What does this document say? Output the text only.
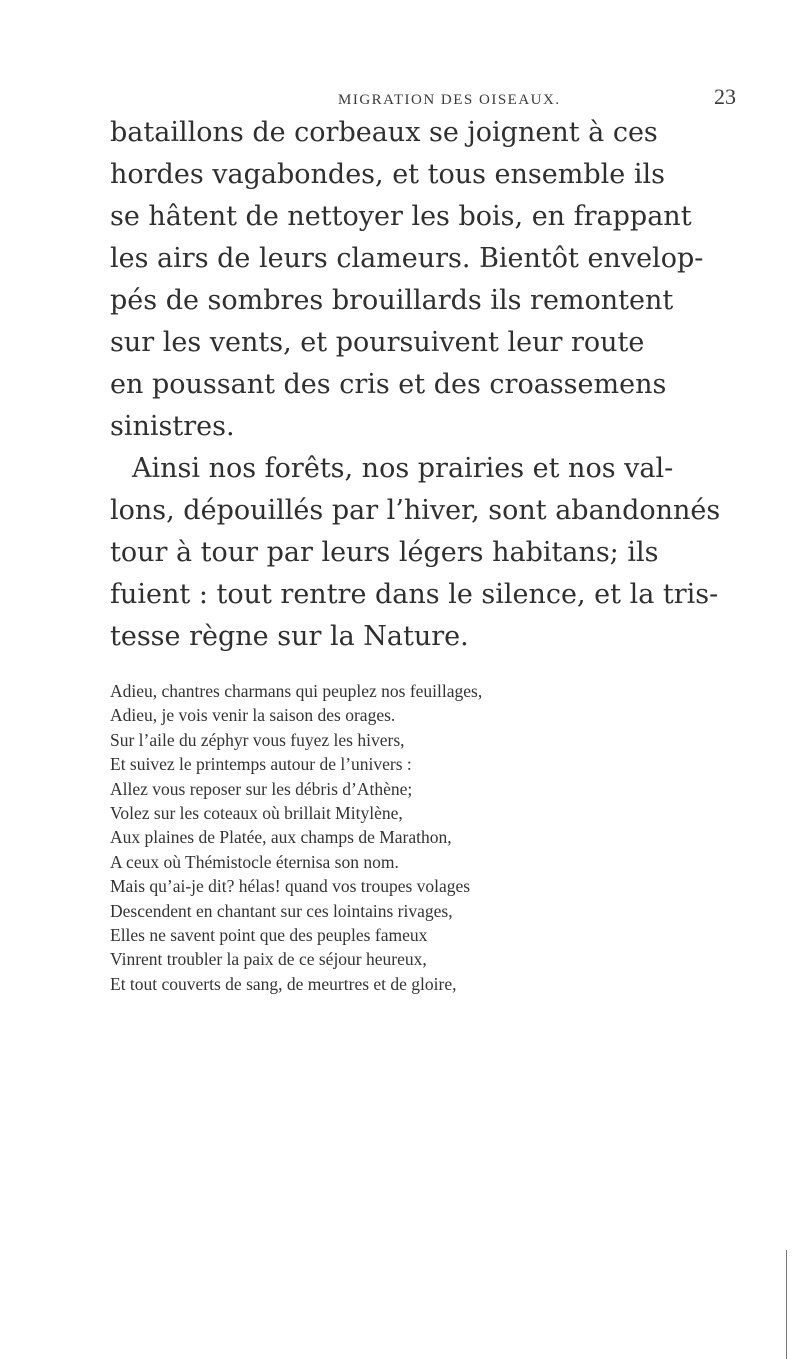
MIGRATION DES OISEAUX.	23
bataillons de corbeaux se joignent à ces
hordes vagabondes, et tous ensemble ils
se hâtent de nettoyer les bois, en frappant
les airs de leurs clameurs. Bientôt envelop-
pés de sombres brouillards ils remontent
sur les vents, et poursuivent leur route
en poussant des cris et des croassemens
sinistres.
Ainsi nos forêts, nos prairies et nos val-
lons, dépouillés par l’hiver, sont abandonnés
tour à tour par leurs légers habitans; ils
fuient : tout rentre dans le silence, et la tris-
tesse règne sur la Nature.
Adieu, chantres charmans qui peuplez nos feuillages,
Adieu, je vois venir la saison des orages.
Sur l’aile du zéphyr vous fuyez les hivers,
Et suivez le printemps autour de l’univers :
Allez vous reposer sur les débris d’Athène;
Volez sur les coteaux où brillait Mitylène,
Aux plaines de Platée, aux champs de Marathon,
A ceux où Thémistocle éternisa son nom.
Mais qu’ai-je dit? hélas! quand vos troupes volages
Descendent en chantant sur ces lointains rivages,
Elles ne savent point que des peuples fameux
Vinrent troubler la paix de ce séjour heureux,
Et tout couverts de sang, de meurtres et de gloire,
